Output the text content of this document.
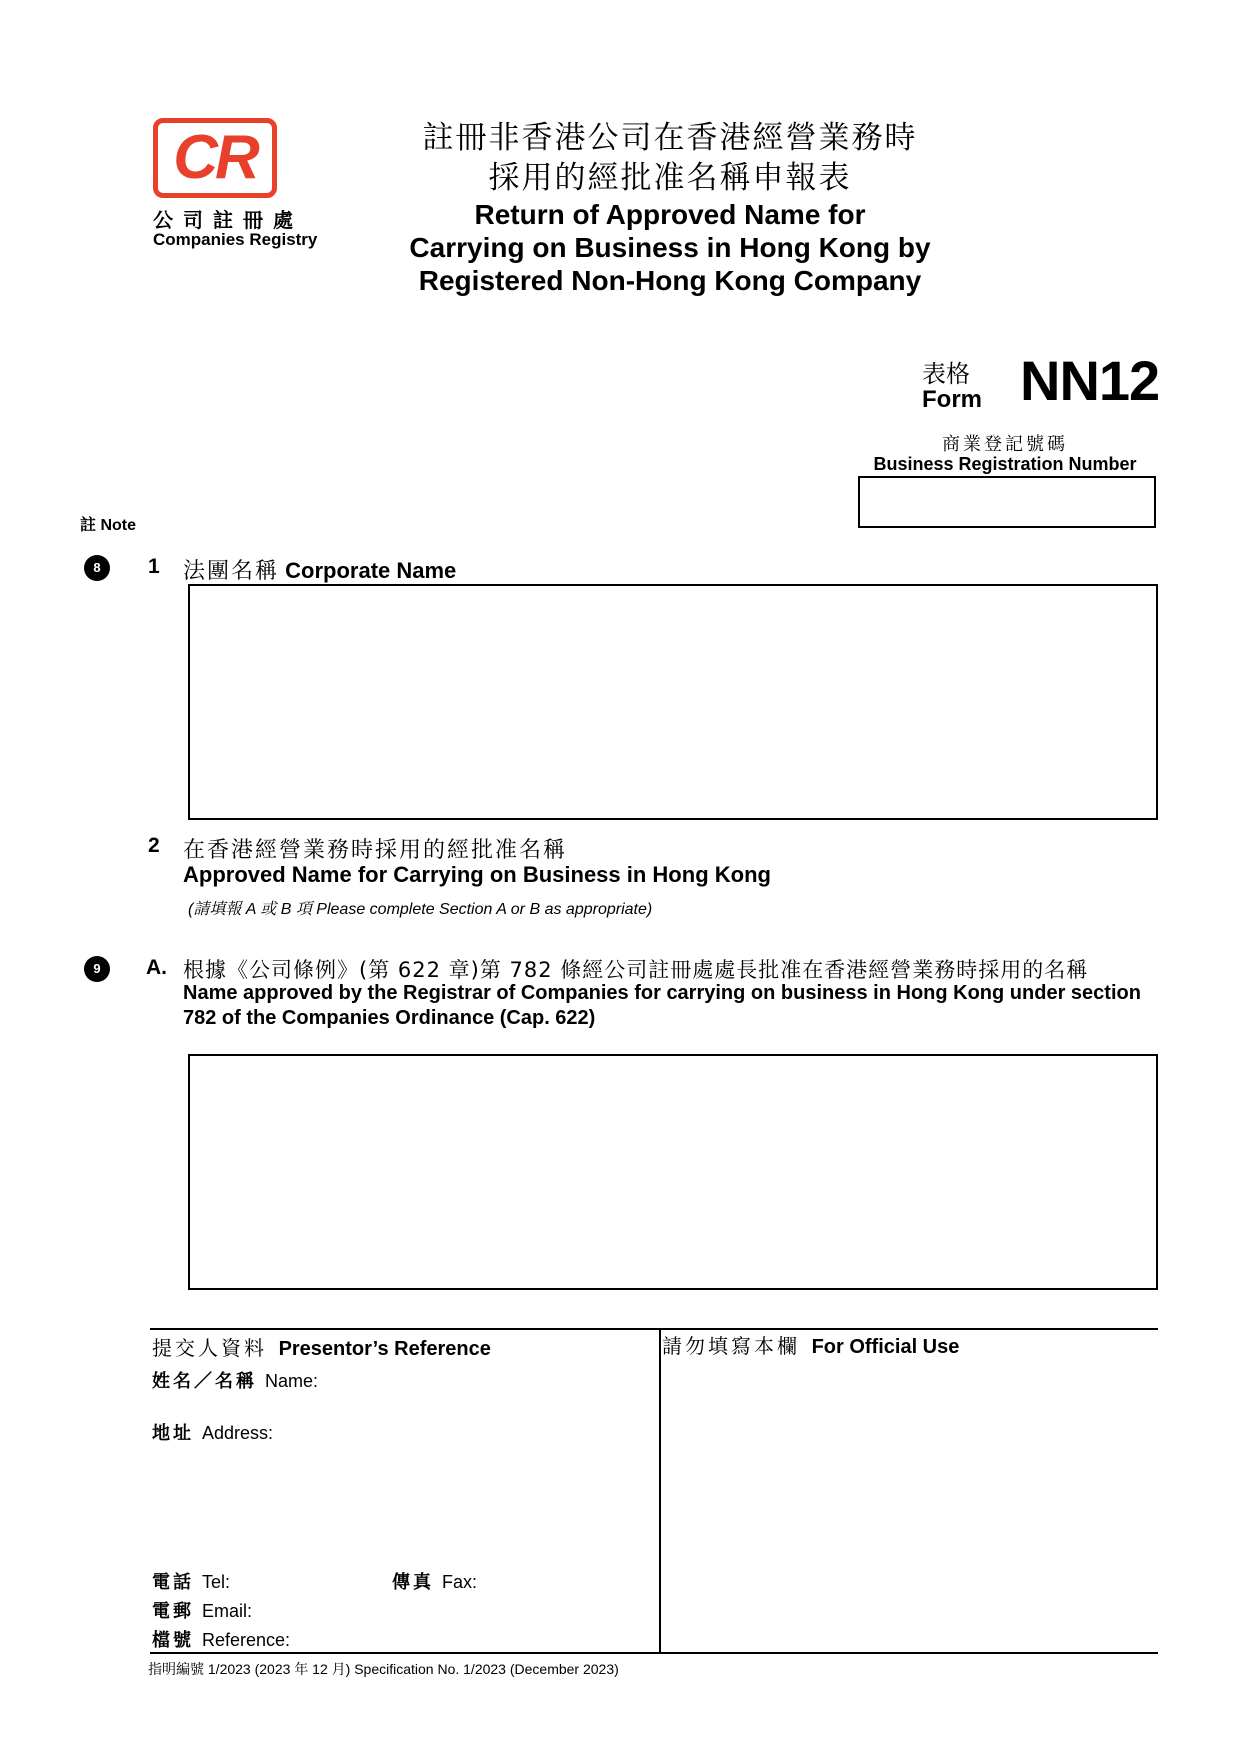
CR
公司註冊處
Companies Registry
註冊非香港公司在香港經營業務時
採用的經批准名稱申報表
Return of Approved Name for
Carrying on Business in Hong Kong by
Registered Non-Hong Kong Company
表格
Form NN12
商業登記號碼
Business Registration Number
註 Note
8	1 法團名稱 Corporate Name
2 在香港經營業務時採用的經批准名稱
Approved Name for Carrying on Business in Hong Kong
(請填報 A 或 B 項 Please complete Section A or B as appropriate)
9	A. 根據《公司條例》(第 622 章)第 782 條經公司註冊處處長批准在香港經營業務時採用的名稱
Name approved by the Registrar of Companies for carrying on business in Hong Kong under section 782 of the Companies Ordinance (Cap. 622)
提交人資料 Presentor’s Reference
姓名／名稱 Name:
地址 Address:
電話 Tel:	傳真 Fax:
電郵 Email:
檔號 Reference:
請勿填寫本欄 For Official Use
指明編號 1/2023 (2023 年 12 月) Specification No. 1/2023 (December 2023)
